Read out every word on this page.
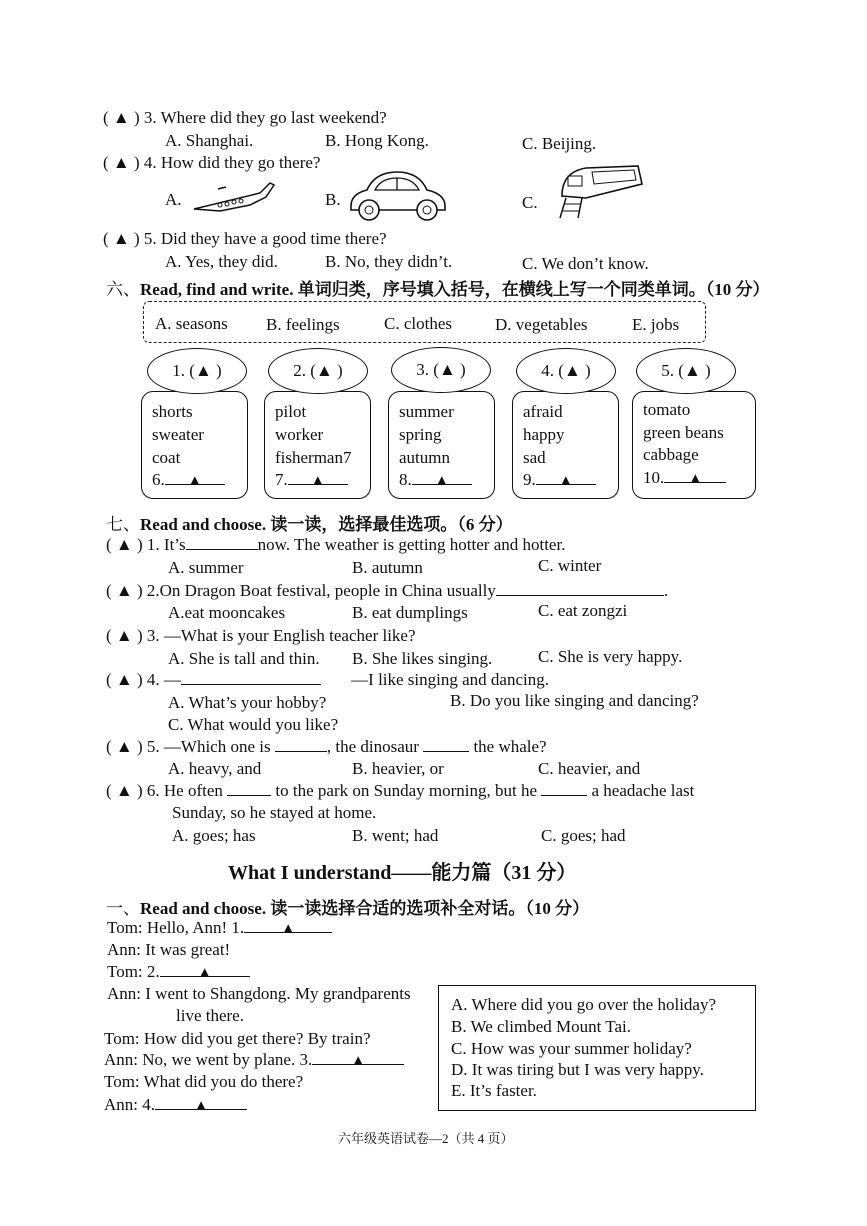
( ▲ ) 3. Where did they go last weekend?
A. Shanghai.	B. Hong Kong.	C. Beijing.
( ▲ ) 4. How did they go there?
A.	B.	C.
( ▲ ) 5. Did they have a good time there?
A. Yes, they did.	B. No, they didn’t.	C. We don’t know.
六、Read, find and write. 单词归类，序号填入括号，在横线上写一个同类单词。（10 分）
A. seasons B. feelings	C. clothes	D. vegetables	E. jobs
shorts
sweater
coat
6. ▲
pilot
worker
fisherman7
7. ▲
summer
spring
autumn
8. ▲
afraid
happy
sad
9. ▲
tomato
green beans
cabbage
10. ▲
1. (▲ )	2. (▲ )	3. (▲ )	4. (▲ )	5. (▲ )
七、Read and choose. 读一读，选择最佳选项。（6 分）
( ▲ ) 1. It’s	now. The weather is getting hotter and hotter.
A. summer	B. autumn	C. winter
( ▲ ) 2.On Dragon Boat festival, people in China usually	.
A.eat mooncakes	B. eat dumplings	C. eat zongzi
( ▲ ) 3. —What is your English teacher like?
A. She is tall and thin. B. She likes singing.	C. She is very happy.
( ▲ ) 4. —	—I like singing and dancing.
A. What’s your hobby?	B. Do you like singing and dancing?
C. What would you like?
( ▲ ) 5. —Which one is	, the dinosaur	the whale?
A. heavy, and	B. heavier, or	C. heavier, and
( ▲ ) 6. He often	to the park on Sunday morning, but he	a headache last
Sunday, so he stayed at home.
A. goes; has	B. went; had	C. goes; had
What I understand——能力篇（31 分）
一、Read and choose. 读一读选择合适的选项补全对话。（10 分）
Tom: Hello, Ann! 1. ▲
Ann: It was great!
Tom: 2.	▲
Ann: I went to Shangdong. My grandparents
live there.
Tom: How did you get there? By train?
Ann: No, we went by plane. 3.	▲
Tom: What did you do there?
Ann: 4.	▲
A. Where did you go over the holiday?
B. We climbed Mount Tai.
C. How was your summer holiday?
D. It was tiring but I was very happy.
E. It’s faster.
六年级英语试卷—2（共 4 页）
